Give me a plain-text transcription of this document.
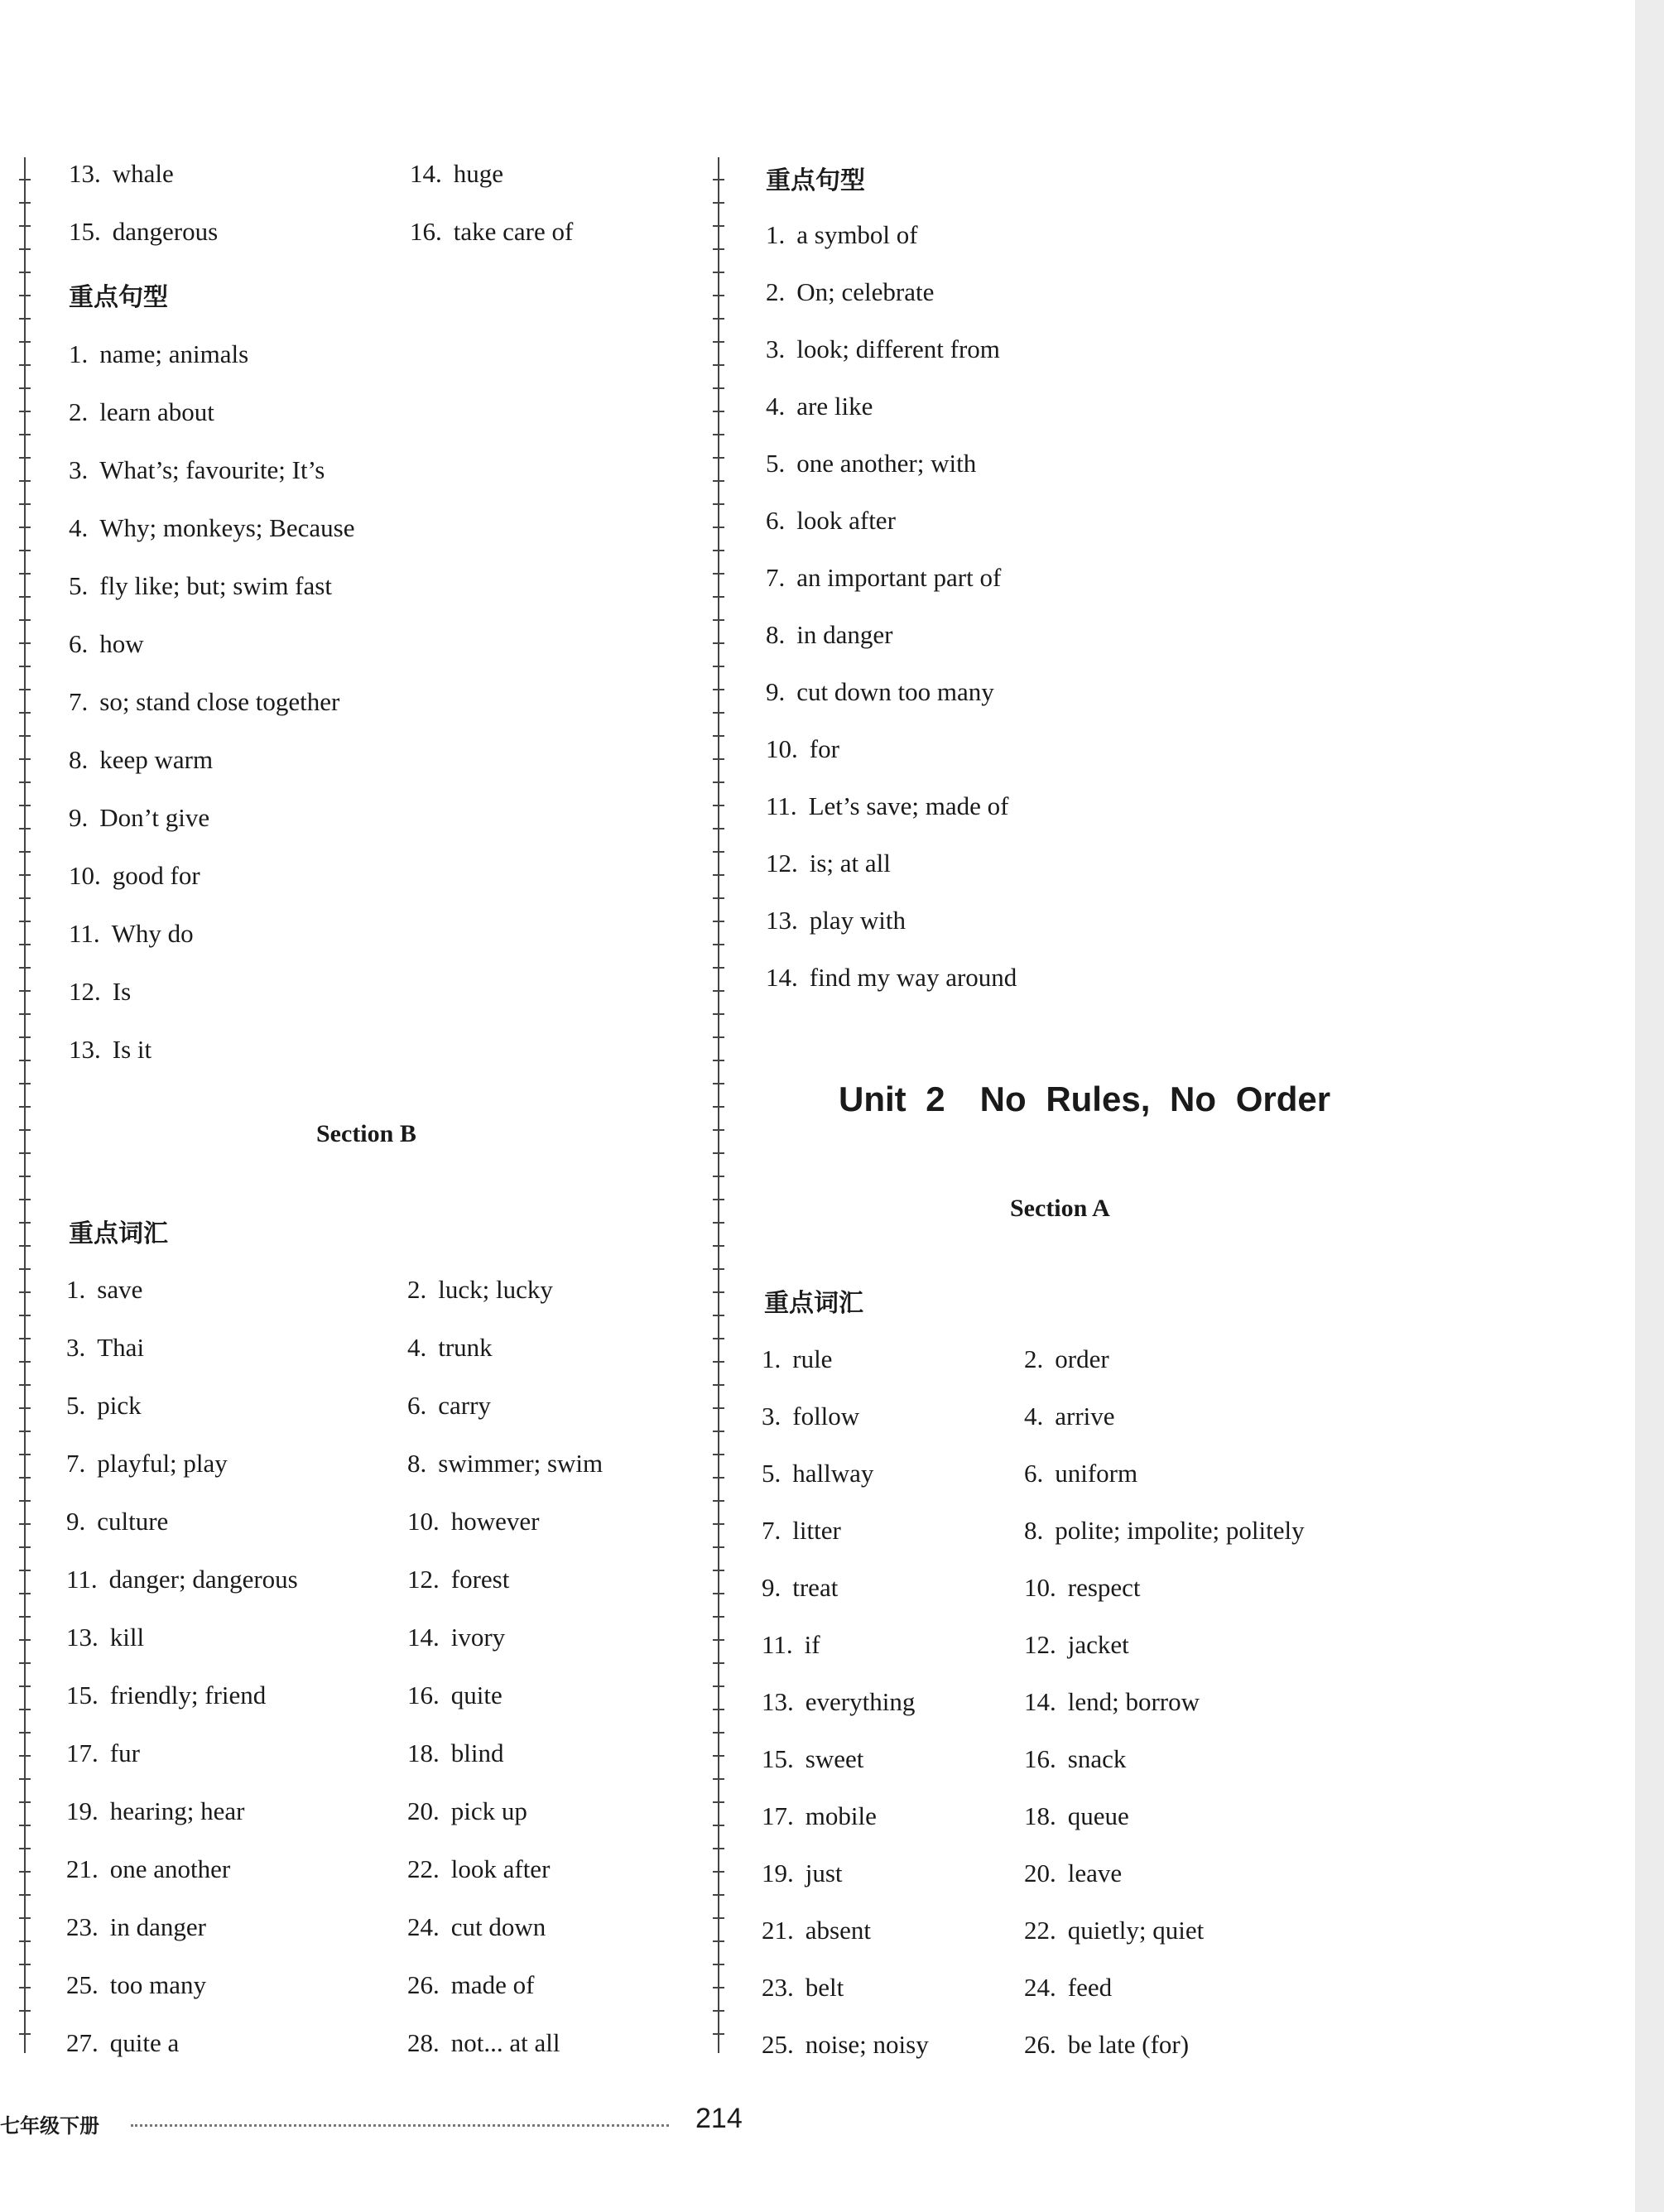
重点句型
Section B
重点词汇
重点句型
Unit 2　No Rules, No Order
Section A
重点词汇
七年级下册	214
13. whale	14. huge
15. dangerous	16. take care of
1. name; animals
2. learn about
3. What’s; favourite; It’s
4. Why; monkeys; Because
5. fly like; but; swim fast
6. how
7. so; stand close together
8. keep warm
9. Don’t give
10. good for
11. Why do
12. Is
13. Is it
1. save	2. luck; lucky
3. Thai	4. trunk
5. pick	6. carry
7. playful; play	8. swimmer; swim
9. culture	10. however
11. danger; dangerous	12. forest
13. kill	14. ivory
15. friendly; friend	16. quite
17. fur	18. blind
19. hearing; hear	20. pick up
21. one another	22. look after
23. in danger	24. cut down
25. too many	26. made of
27. quite a	28. not... at all
1. a symbol of
2. On; celebrate
3. look; different from
4. are like
5. one another; with
6. look after
7. an important part of
8. in danger
9. cut down too many
10. for
11. Let’s save; made of
12. is; at all
13. play with
14. find my way around
1. rule	2. order
3. follow	4. arrive
5. hallway	6. uniform
7. litter	8. polite; impolite; politely
9. treat	10. respect
11. if	12. jacket
13. everything	14. lend; borrow
15. sweet	16. snack
17. mobile	18. queue
19. just	20. leave
21. absent	22. quietly; quiet
23. belt	24. feed
25. noise; noisy	26. be late (for)
